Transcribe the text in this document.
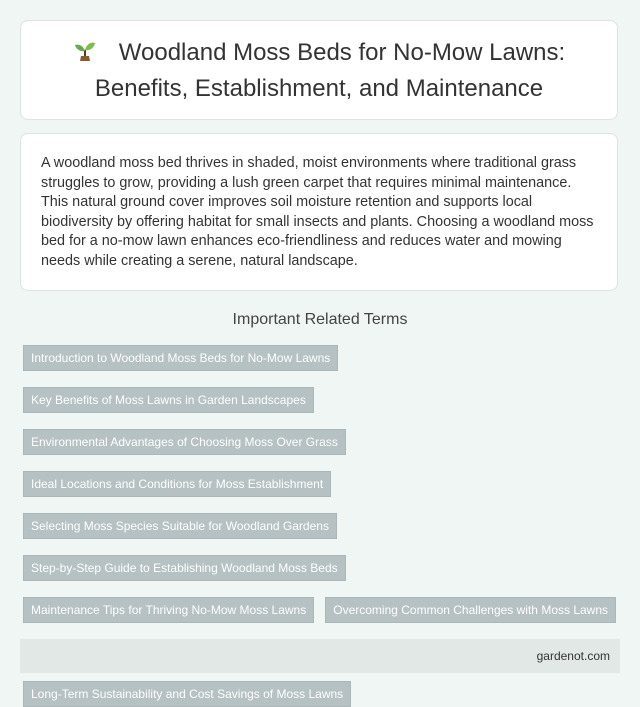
Woodland Moss Beds for No-Mow Lawns: Benefits, Establishment, and Maintenance

A woodland moss bed thrives in shaded, moist environments where traditional grass struggles to grow, providing a lush green carpet that requires minimal maintenance. This natural ground cover improves soil moisture retention and supports local biodiversity by offering habitat for small insects and plants. Choosing a woodland moss bed for a no-mow lawn enhances eco-friendliness and reduces water and mowing needs while creating a serene, natural landscape.

Important Related Terms
Introduction to Woodland Moss Beds for No-Mow Lawns
Key Benefits of Moss Lawns in Garden Landscapes
Environmental Advantages of Choosing Moss Over Grass
Ideal Locations and Conditions for Moss Establishment
Selecting Moss Species Suitable for Woodland Gardens
Step-by-Step Guide to Establishing Woodland Moss Beds
Maintenance Tips for Thriving No-Mow Moss Lawns	Overcoming Common Challenges with Moss Lawns
Long-Term Sustainability and Cost Savings of Moss Lawns
gardenot.com
